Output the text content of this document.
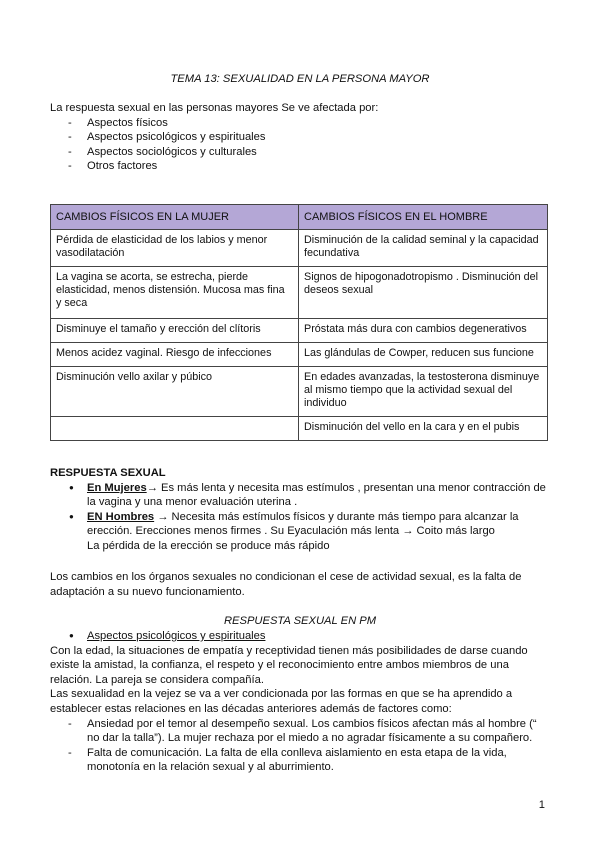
TEMA 13: SEXUALIDAD EN LA PERSONA MAYOR
La respuesta sexual en las personas mayores Se ve afectada por:
- Aspectos físicos
- Aspectos psicológicos y espirituales
- Aspectos sociológicos y culturales
- Otros factores
CAMBIOS FÍSICOS EN LA MUJER	CAMBIOS FÍSICOS EN EL HOMBRE
Pérdida de elasticidad de los labios y menor vasodilatación	Disminución de la calidad seminal y la capacidad fecundativa
La vagina se acorta, se estrecha, pierde elasticidad, menos distensión. Mucosa mas fina y seca	Signos de hipogonadotropismo . Disminución del deseos sexual
Disminuye el tamaño y erección del clítoris	Próstata más dura con cambios degenerativos
Menos acidez vaginal. Riesgo de infecciones	Las glándulas de Cowper, reducen sus funcione
Disminución vello axilar y púbico	En edades avanzadas, la testosterona disminuye al mismo tiempo que la actividad sexual del individuo
	Disminución del vello en la cara y en el pubis
RESPUESTA SEXUAL
● En Mujeres→ Es más lenta y necesita mas estímulos , presentan una menor contracción de la vagina y una menor evaluación uterina .
● EN Hombres → Necesita más estímulos físicos y durante más tiempo para alcanzar la erección. Erecciones menos firmes . Su Eyaculación más lenta → Coito más largo
La pérdida de la erección se produce más rápido
Los cambios en los órganos sexuales no condicionan el cese de actividad sexual, es la falta de adaptación a su nuevo funcionamiento.
RESPUESTA SEXUAL EN PM
● Aspectos psicológicos y espirituales
Con la edad, la situaciones de empatía y receptividad tienen más posibilidades de darse cuando existe la amistad, la confianza, el respeto y el reconocimiento entre ambos miembros de una relación. La pareja se considera compañía.
Las sexualidad en la vejez se va a ver condicionada por las formas en que se ha aprendido a establecer estas relaciones en las décadas anteriores además de factores como:
- Ansiedad por el temor al desempeño sexual. Los cambios físicos afectan más al hombre (“ no dar la talla”). La mujer rechaza por el miedo a no agradar físicamente a su compañero.
- Falta de comunicación. La falta de ella conlleva aislamiento en esta etapa de la vida, monotonía en la relación sexual y al aburrimiento.
1
